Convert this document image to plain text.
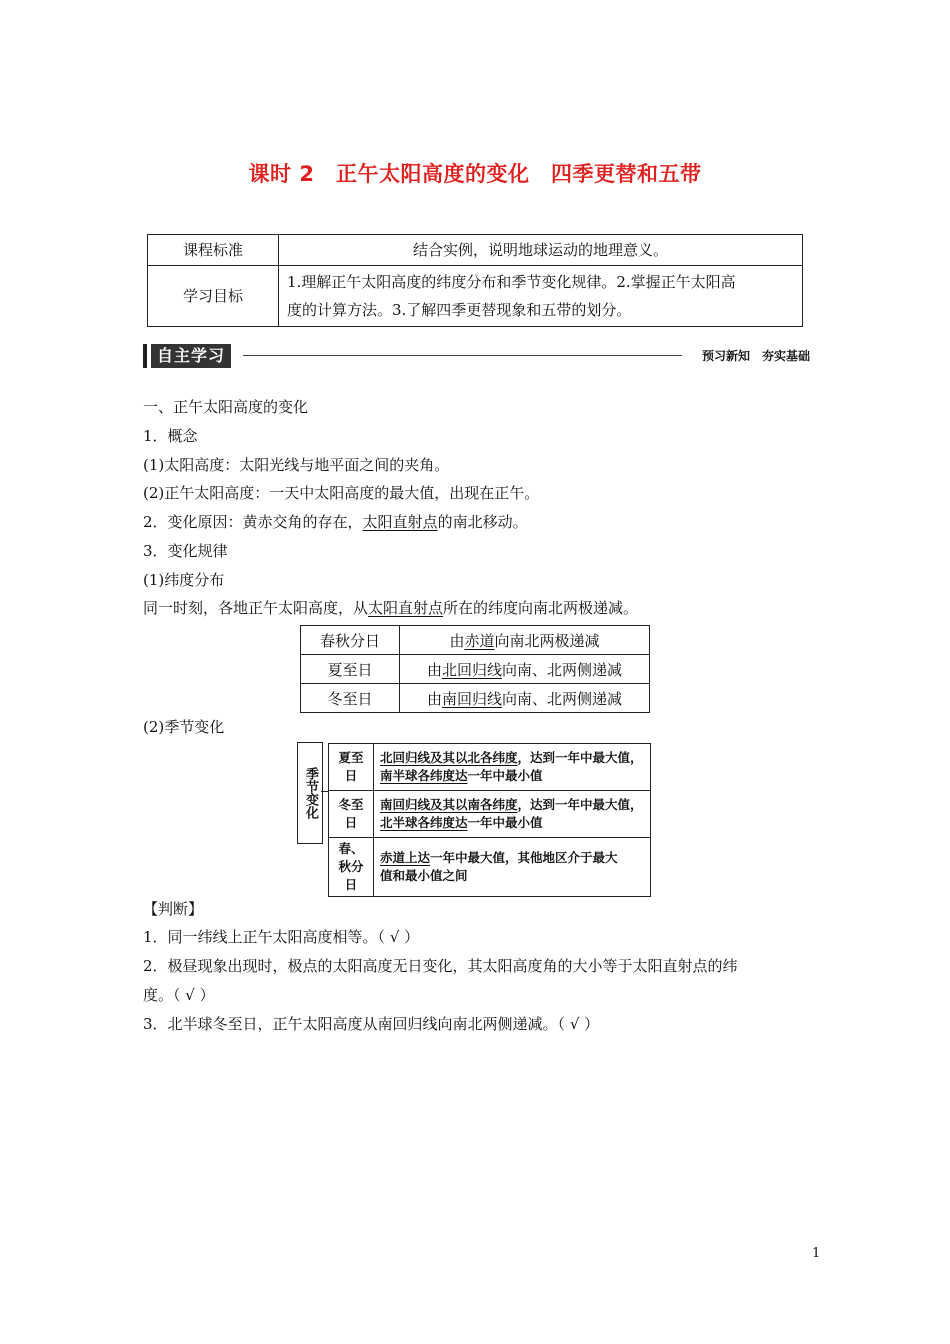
课时 2　正午太阳高度的变化　四季更替和五带
课程标准	结合实例，说明地球运动的地理意义。
学习目标	1.理解正午太阳高度的纬度分布和季节变化规律。2.掌握正午太阳高
度的计算方法。3.了解四季更替现象和五带的划分。
自主学习	预习新知　夯实基础
一、正午太阳高度的变化
1．概念
(1)太阳高度：太阳光线与地平面之间的夹角。
(2)正午太阳高度：一天中太阳高度的最大值，出现在正午。
2．变化原因：黄赤交角的存在，太阳直射点的南北移动。
3．变化规律
(1)纬度分布
同一时刻，各地正午太阳高度，从太阳直射点所在的纬度向南北两极递减。
春秋分日	由赤道向南北两极递减
夏至日	由北回归线向南、北两侧递减
冬至日	由南回归线向南、北两侧递减
(2)季节变化
季节变化
夏至日	北回归线及其以北各纬度，达到一年中最大值，
南半球各纬度达一年中最小值

冬至日	南回归线及其以南各纬度，达到一年中最大值，
北半球各纬度达一年中最小值

春、秋分日	赤道上达一年中最大值，其他地区介于最大
值和最小值之间
【判断】
1．同一纬线上正午太阳高度相等。（ √ ）
2．极昼现象出现时，极点的太阳高度无日变化，其太阳高度角的大小等于太阳直射点的纬
度。（ √ ）
3．北半球冬至日，正午太阳高度从南回归线向南北两侧递减。（ √ ）
1
